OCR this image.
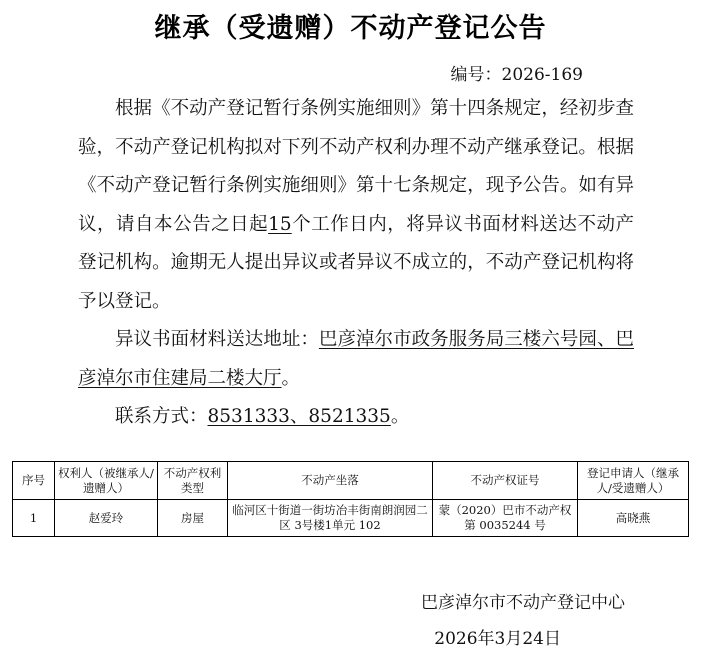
继承（受遗赠）不动产登记公告
编号：2026-169

根据《不动产登记暂行条例实施细则》第十四条规定，经初步查验，不动产登记机构拟对下列不动产权利办理不动产继承登记。根据《不动产登记暂行条例实施细则》第十七条规定，现予公告。如有异议，请自本公告之日起15个工作日内，将异议书面材料送达不动产登记机构。逾期无人提出异议或者异议不成立的，不动产登记机构将予以登记。

异议书面材料送达地址：巴彦淖尔市政务服务局三楼六号园、巴彦淖尔市住建局二楼大厅。

联系方式：8531333、8521335。

序号	权利人（被继承人/遗赠人）	不动产权利类型	不动产坐落	不动产权证号	登记申请人（继承人/受遗赠人）
1	赵爱玲	房屋	临河区十街道一街坊冶丰街南朗润园二区 3号楼1单元 102	蒙（2020）巴市不动产权第 0035244 号	高晓燕
巴彦淖尔市不动产登记中心
2026年3月24日
